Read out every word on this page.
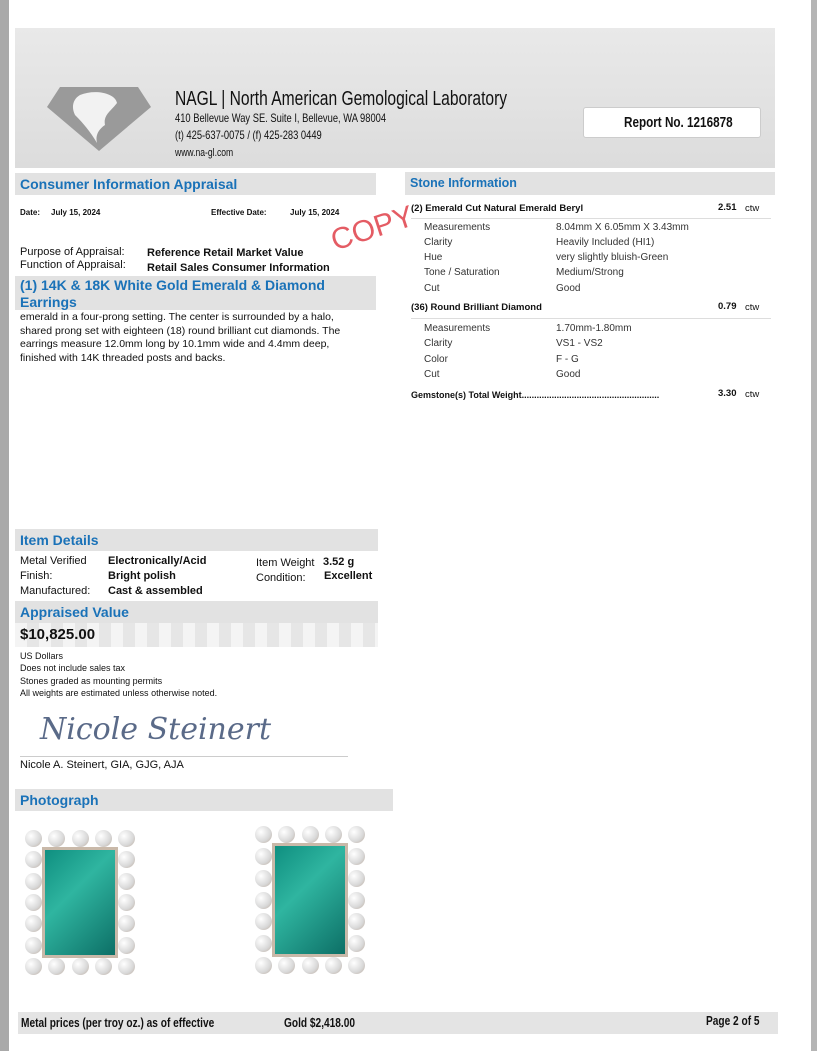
NAGL | North American Gemological Laboratory
410 Bellevue Way SE. Suite I, Bellevue, WA 98004
(t) 425-637-0075 / (f) 425-283 0449
www.na-gl.com
Report No. 1216878
Consumer Information Appraisal
Date: July 15, 2024	Effective Date:	July 15, 2024
COPY
Purpose of Appraisal: Reference Retail Market Value
Function of Appraisal: Retail Sales Consumer Information
(1) 14K & 18K White Gold Emerald & Diamond Earrings
emerald in a four-prong setting. The center is surrounded by a halo,
shared prong set with eighteen (18) round brilliant cut diamonds. The
earrings measure 12.0mm long by 10.1mm wide and 4.4mm deep,
finished with 14K threaded posts and backs.
Stone Information
(2) Emerald Cut Natural Emerald Beryl	2.51 ctw
Measurements	8.04mm X 6.05mm X 3.43mm
Clarity	Heavily Included (HI1)
Hue	very slightly bluish-Green
Tone / Saturation	Medium/Strong
Cut	Good
(36) Round Brilliant Diamond	0.79 ctw
Measurements	1.70mm-1.80mm
Clarity	VS1 - VS2
Color	F - G
Cut	Good
Gemstone(s) Total Weight.......................................................	3.30 ctw
Item Details
Metal Verified Electronically/Acid
Finish:	Bright polish
Manufactured: Cast & assembled
Item Weight 3.52 g
Condition: Excellent
Appraised Value
$10,825.00
US Dollars
Does not include sales tax
Stones graded as mounting permits
All weights are estimated unless otherwise noted.
Nicole Steinert
Nicole A. Steinert, GIA, GJG, AJA
Photograph
Metal prices (per troy oz.) as of effective	Gold $2,418.00	Page 2 of 5
